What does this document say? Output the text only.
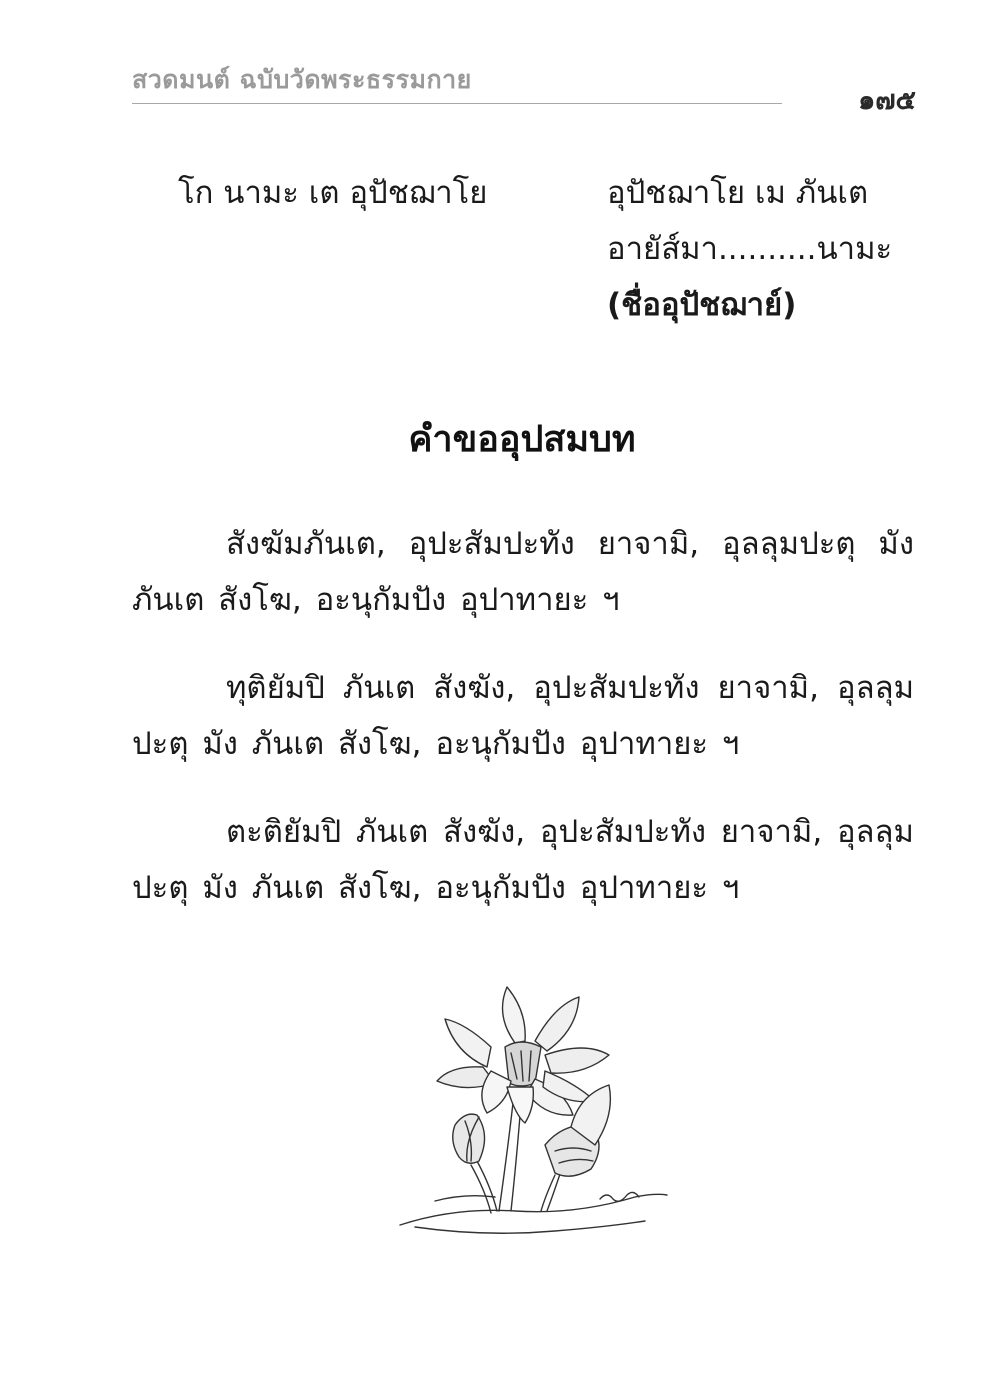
สวดมนต์ ฉบับวัดพระธรรมกาย
๑๗๕
โก นามะ เต อุปัชฌาโย	อุปัชฌาโย เม ภันเต
อายัส์มา..........นามะ
(ชื่ออุปัชฌาย์)
คำขออุปสมบท
สังฆัมภันเต, อุปะสัมปะทัง ยาจามิ, อุลลุมปะตุ มัง ภันเต สังโฆ, อะนุกัมปัง อุปาทายะ ฯ
ทุติยัมปิ ภันเต สังฆัง, อุปะสัมปะทัง ยาจามิ, อุลลุมปะตุ มัง ภันเต สังโฆ, อะนุกัมปัง อุปาทายะ ฯ
ตะติยัมปิ ภันเต สังฆัง, อุปะสัมปะทัง ยาจามิ, อุลลุมปะตุ มัง ภันเต สังโฆ, อะนุกัมปัง อุปาทายะ ฯ
